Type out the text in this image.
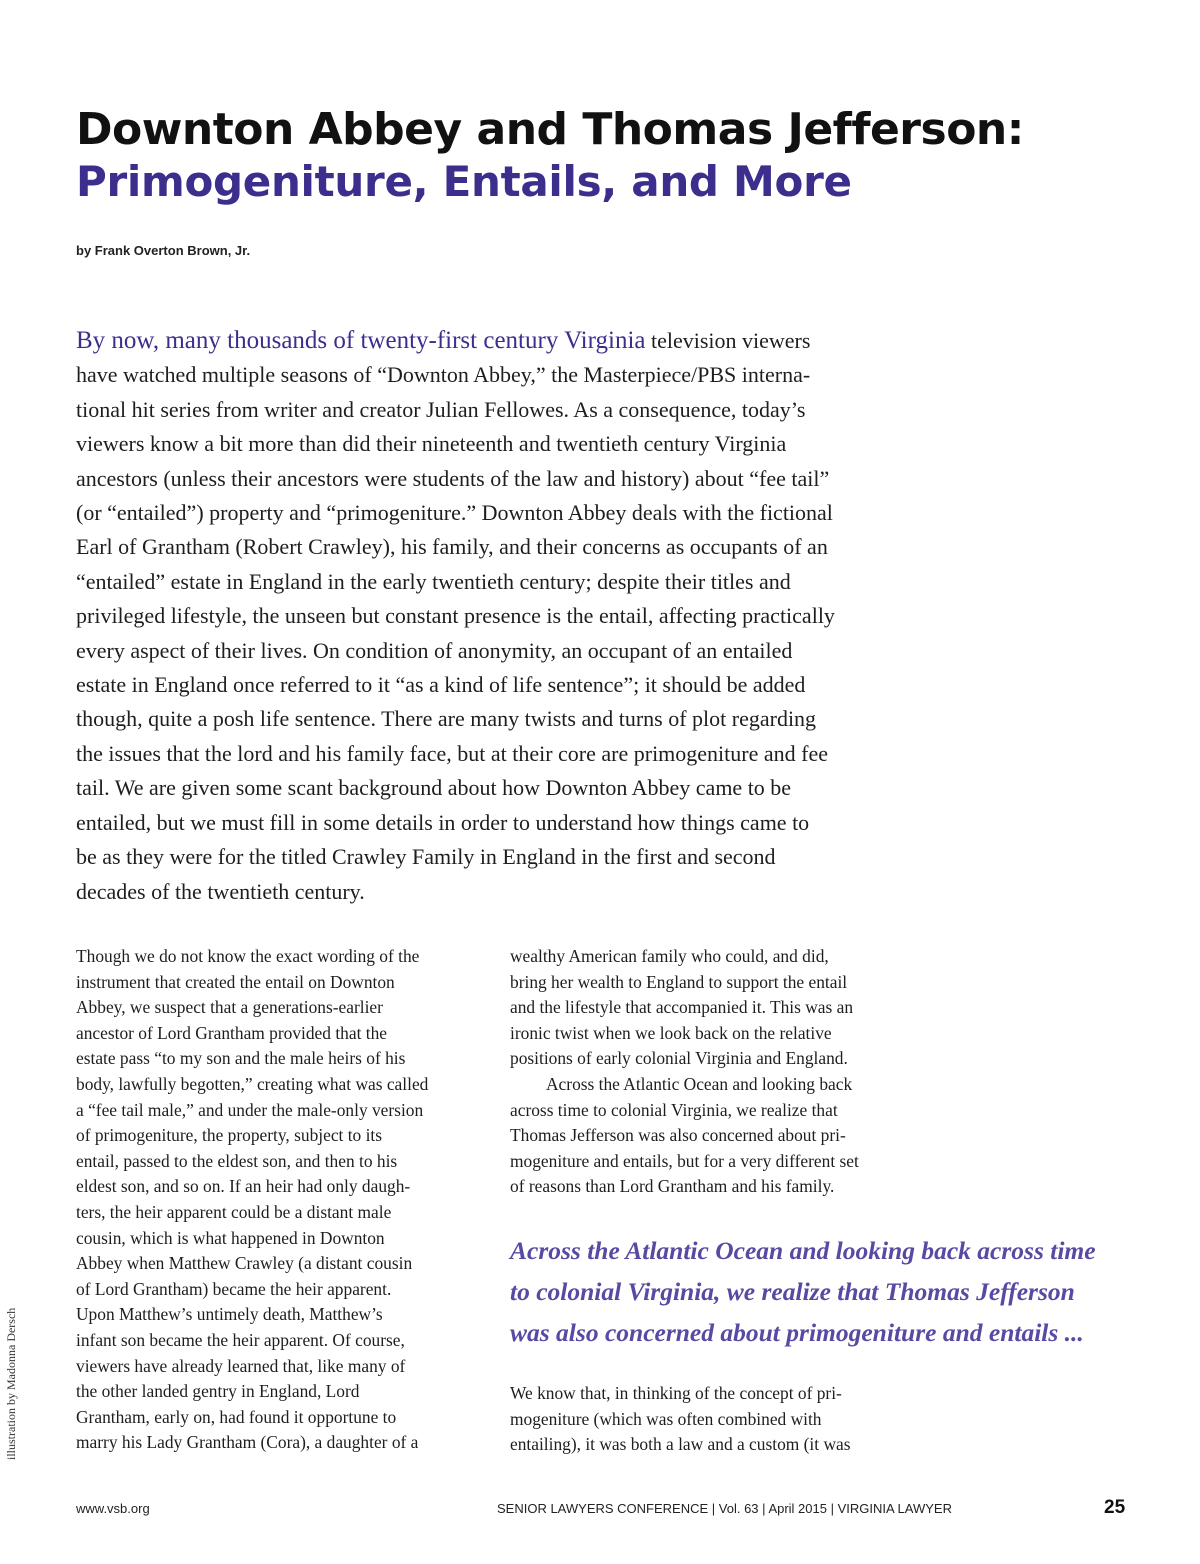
Downton Abbey and Thomas Jefferson:
Primogeniture, Entails, and More
by Frank Overton Brown, Jr.
By now, many thousands of twenty-first century Virginia television viewers
have watched multiple seasons of “Downton Abbey,” the Masterpiece/PBS interna-
tional hit series from writer and creator Julian Fellowes. As a consequence, today’s
viewers know a bit more than did their nineteenth and twentieth century Virginia
ancestors (unless their ancestors were students of the law and history) about “fee tail”
(or “entailed”) property and “primogeniture.” Downton Abbey deals with the fictional
Earl of Grantham (Robert Crawley), his family, and their concerns as occupants of an
“entailed” estate in England in the early twentieth century; despite their titles and
privileged lifestyle, the unseen but constant presence is the entail, affecting practically
every aspect of their lives. On condition of anonymity, an occupant of an entailed
estate in England once referred to it “as a kind of life sentence”; it should be added
though, quite a posh life sentence. There are many twists and turns of plot regarding
the issues that the lord and his family face, but at their core are primogeniture and fee
tail. We are given some scant background about how Downton Abbey came to be
entailed, but we must fill in some details in order to understand how things came to
be as they were for the titled Crawley Family in England in the first and second
decades of the twentieth century.
Though we do not know the exact wording of the
instrument that created the entail on Downton
Abbey, we suspect that a generations-earlier
ancestor of Lord Grantham provided that the
estate pass “to my son and the male heirs of his
body, lawfully begotten,” creating what was called
a “fee tail male,” and under the male-only version
of primogeniture, the property, subject to its
entail, passed to the eldest son, and then to his
eldest son, and so on. If an heir had only daugh-
ters, the heir apparent could be a distant male
cousin, which is what happened in Downton
Abbey when Matthew Crawley (a distant cousin
of Lord Grantham) became the heir apparent.
Upon Matthew’s untimely death, Matthew’s
infant son became the heir apparent. Of course,
viewers have already learned that, like many of
the other landed gentry in England, Lord
Grantham, early on, had found it opportune to
marry his Lady Grantham (Cora), a daughter of a
wealthy American family who could, and did,
bring her wealth to England to support the entail
and the lifestyle that accompanied it. This was an
ironic twist when we look back on the relative
positions of early colonial Virginia and England.
Across the Atlantic Ocean and looking back
across time to colonial Virginia, we realize that
Thomas Jefferson was also concerned about pri-
mogeniture and entails, but for a very different set
of reasons than Lord Grantham and his family.
Across the Atlantic Ocean and looking back across time
to colonial Virginia, we realize that Thomas Jefferson
was also concerned about primogeniture and entails ...
We know that, in thinking of the concept of pri-
mogeniture (which was often combined with
entailing), it was both a law and a custom (it was
illustration by Madonna Dersch
www.vsb.org	SENIOR LAWYERS CONFERENCE | Vol. 63 | April 2015 | VIRGINIA LAWYER	25
